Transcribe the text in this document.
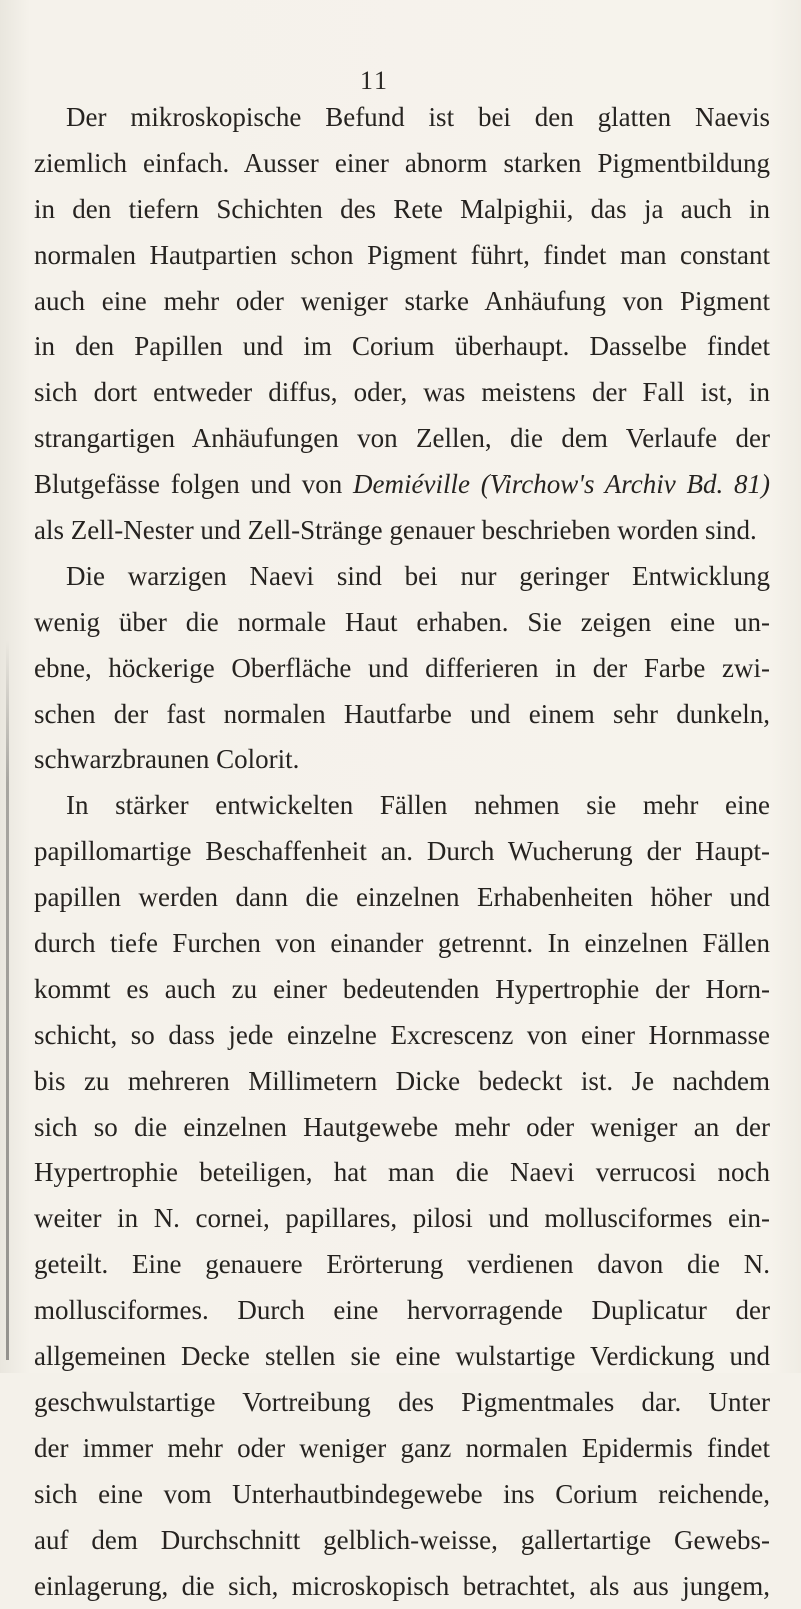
11
Der mikroskopische Befund ist bei den glatten Naevis
ziemlich einfach. Ausser einer abnorm starken Pigmentbildung
in den tiefern Schichten des Rete Malpighii, das ja auch in
normalen Hautpartien schon Pigment führt, findet man constant
auch eine mehr oder weniger starke Anhäufung von Pigment
in den Papillen und im Corium überhaupt. Dasselbe findet
sich dort entweder diffus, oder, was meistens der Fall ist, in
strangartigen Anhäufungen von Zellen, die dem Verlaufe der
Blutgefässe folgen und von Demiéville (Virchow's Archiv Bd. 81)
als Zell-Nester und Zell-Stränge genauer beschrieben worden sind.
Die warzigen Naevi sind bei nur geringer Entwicklung
wenig über die normale Haut erhaben. Sie zeigen eine un-
ebne, höckerige Oberfläche und differieren in der Farbe zwi-
schen der fast normalen Hautfarbe und einem sehr dunkeln,
schwarzbraunen Colorit.
In stärker entwickelten Fällen nehmen sie mehr eine
papillomartige Beschaffenheit an. Durch Wucherung der Haupt-
papillen werden dann die einzelnen Erhabenheiten höher und
durch tiefe Furchen von einander getrennt. In einzelnen Fällen
kommt es auch zu einer bedeutenden Hypertrophie der Horn-
schicht, so dass jede einzelne Excrescenz von einer Hornmasse
bis zu mehreren Millimetern Dicke bedeckt ist. Je nachdem
sich so die einzelnen Hautgewebe mehr oder weniger an der
Hypertrophie beteiligen, hat man die Naevi verrucosi noch
weiter in N. cornei, papillares, pilosi und mollusciformes ein-
geteilt. Eine genauere Erörterung verdienen davon die N.
mollusciformes. Durch eine hervorragende Duplicatur der
allgemeinen Decke stellen sie eine wulstartige Verdickung und
geschwulstartige Vortreibung des Pigmentmales dar. Unter
der immer mehr oder weniger ganz normalen Epidermis findet
sich eine vom Unterhautbindegewebe ins Corium reichende,
auf dem Durchschnitt gelblich-weisse, gallertartige Gewebs-
einlagerung, die sich, microskopisch betrachtet, als aus jungem,
